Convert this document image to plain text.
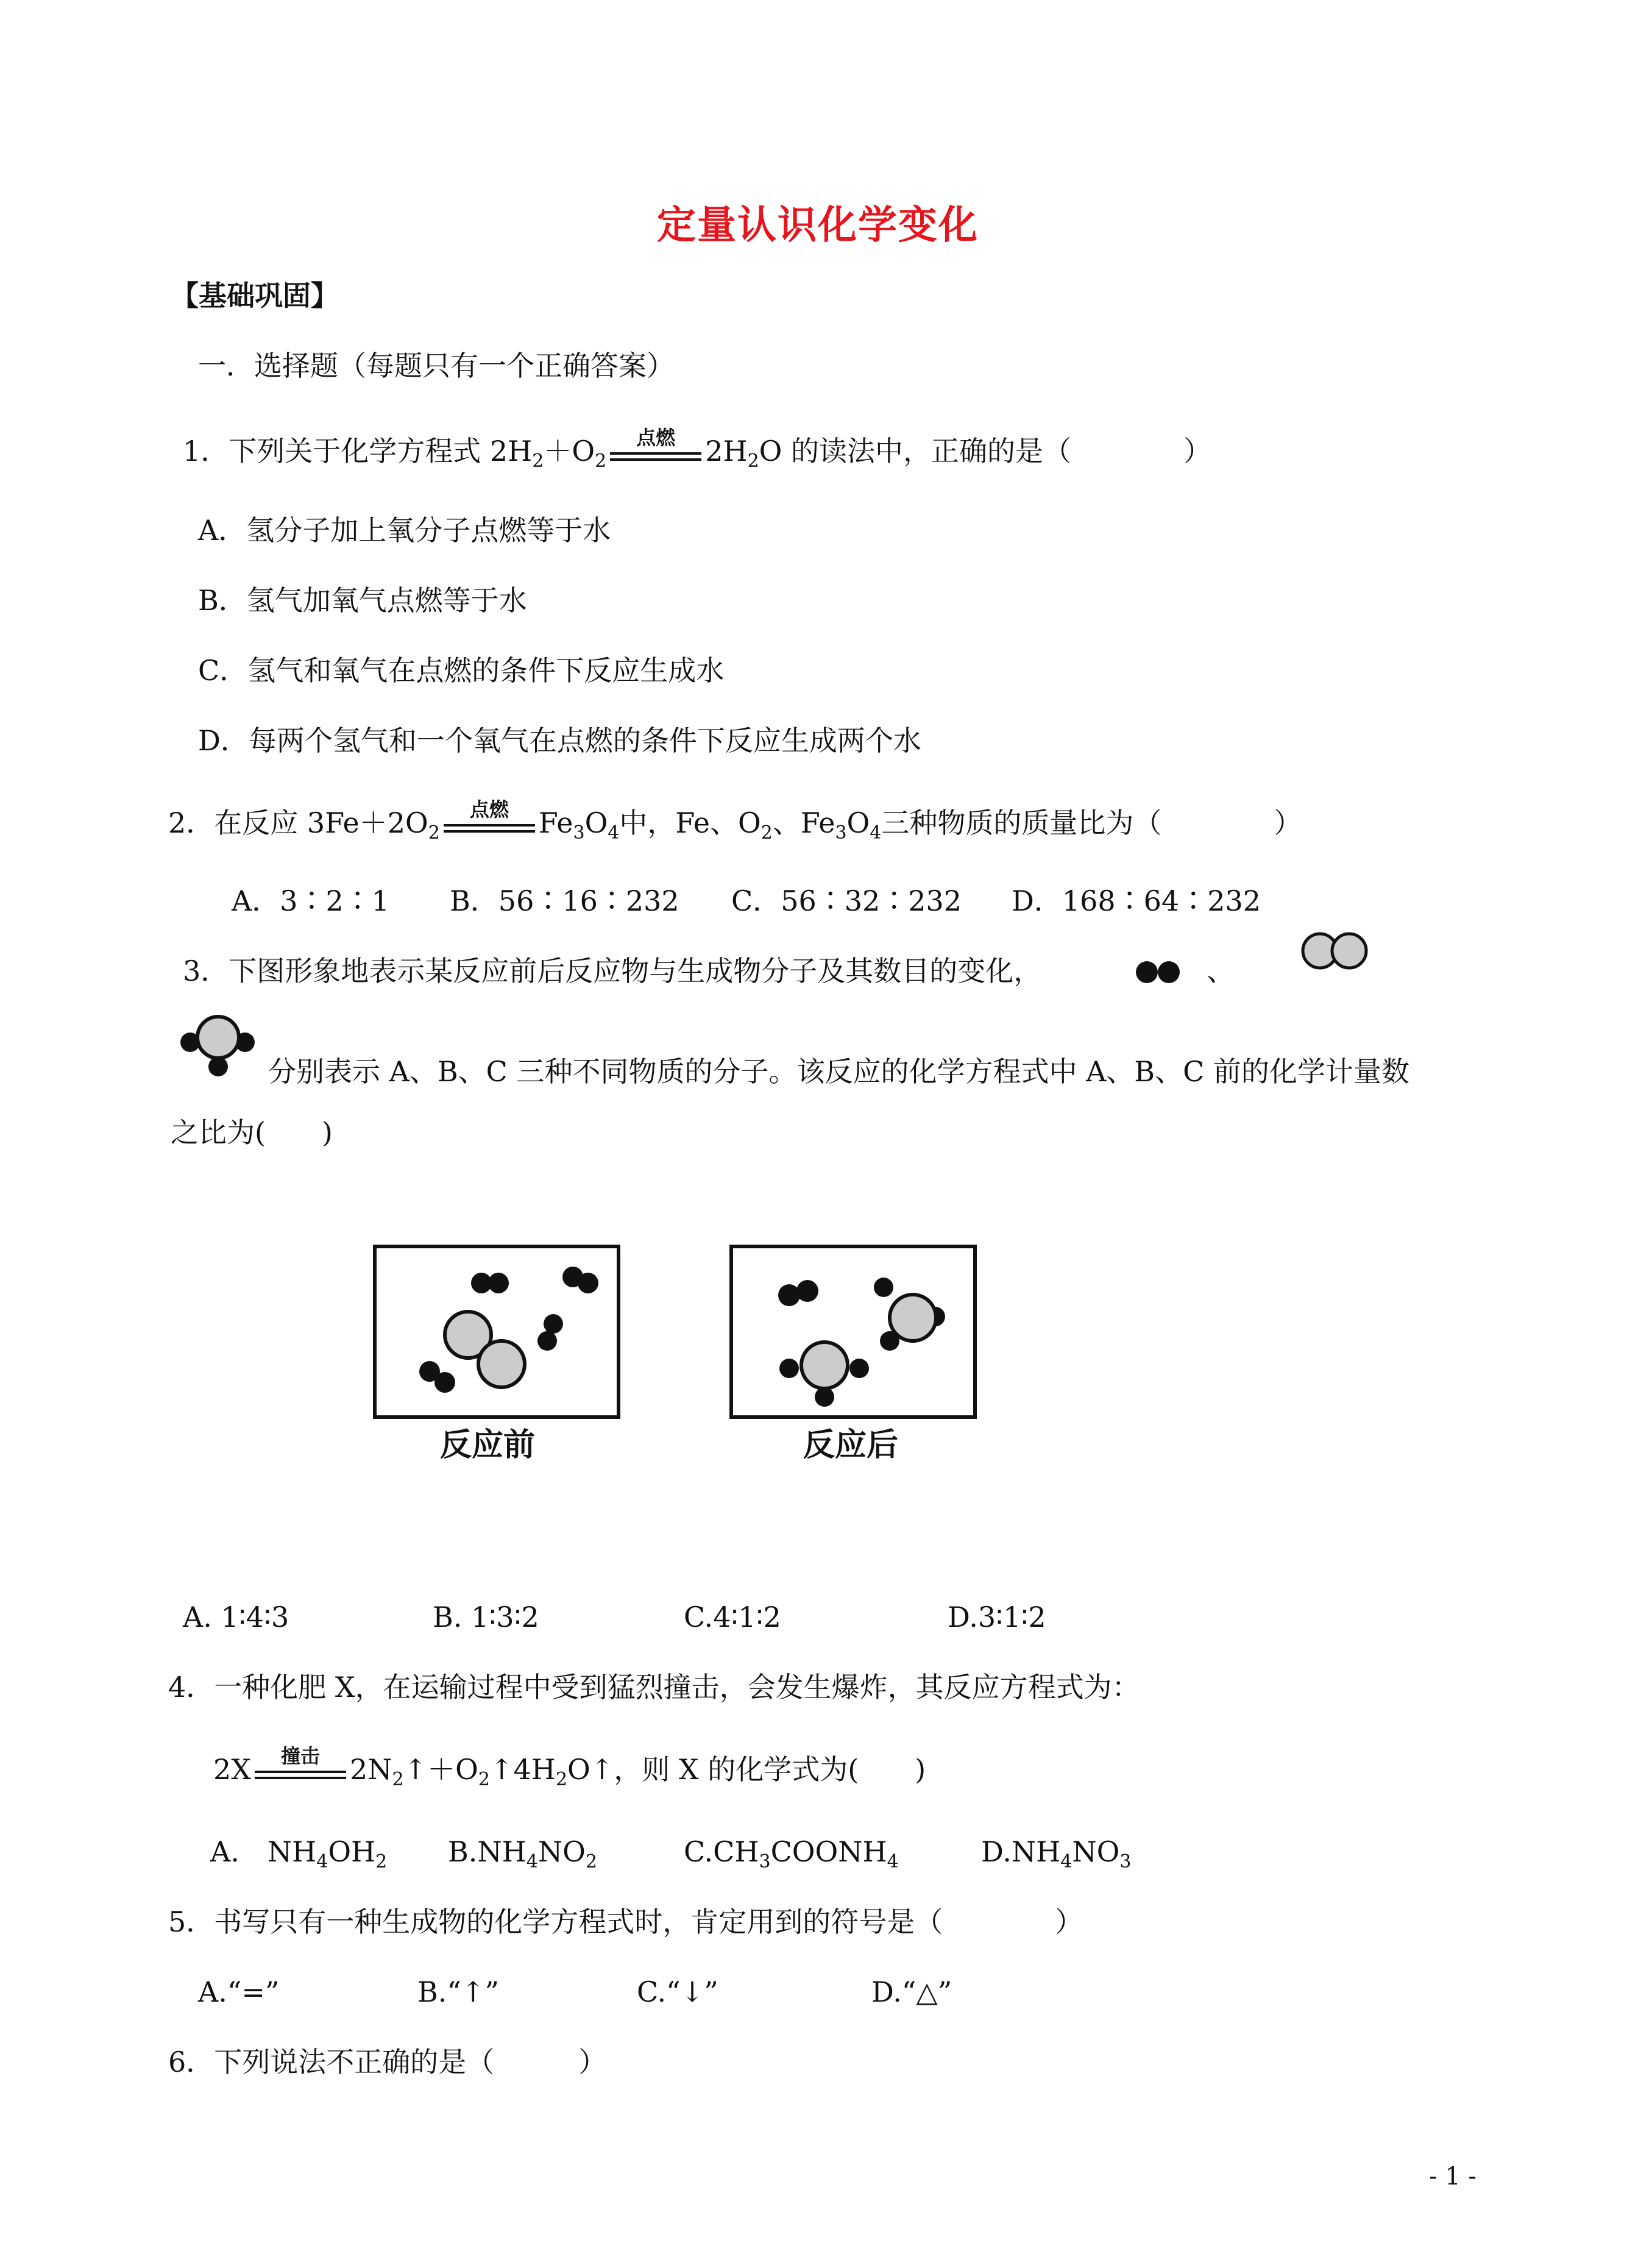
定量认识化学变化
【基础巩固】
一．选择题（每题只有一个正确答案）
1．下列关于化学方程式 $2H_2+O_2$
点燃	$2H_2O$ 的读法中，正确的是（　　　　）
A．氢分子加上氧分子点燃等于水
B．氢气加氧气点燃等于水
C．氢气和氧气在点燃的条件下反应生成水
D．每两个氢气和一个氧气在点燃的条件下反应生成两个水
2．在反应 $3Fe+2O_2$
点燃	$Fe_3O_4$中，Fe、$O_2$、$Fe_3O_4$三种物质的质量比为（　　　　）
A．3∶2∶1 B．56∶16∶232 C．56∶32∶232 D．168∶64∶232
3．下图形象地表示某反应前后反应物与生成物分子及其数目的变化，	、
分别表示 A、B、C 三种不同物质的分子。该反应的化学方程式中 A、B、C 前的化学计量数
之比为(　　)
反应前	反应后
A. 1∶4∶3	B. 1∶3∶2	C.4∶1∶2	D.3∶1∶2
4．一种化肥 X，在运输过程中受到猛烈撞击，会发生爆炸，其反应方程式为：
2X	撞击	$2N_2↑+O_2↑4H_2O↑$，则 X 的化学式为(　　)
A.　$NH_4OH_2$ $B.NH_4NO_2$	$C.CH_3COONH_4$	$D.NH_4NO_3$
5．书写只有一种生成物的化学方程式时，肯定用到的符号是（　　　　）
A.“=”	B.“↑”	C.“↓”	D.“△”
6．下列说法不正确的是（　　　）
- 1 -
